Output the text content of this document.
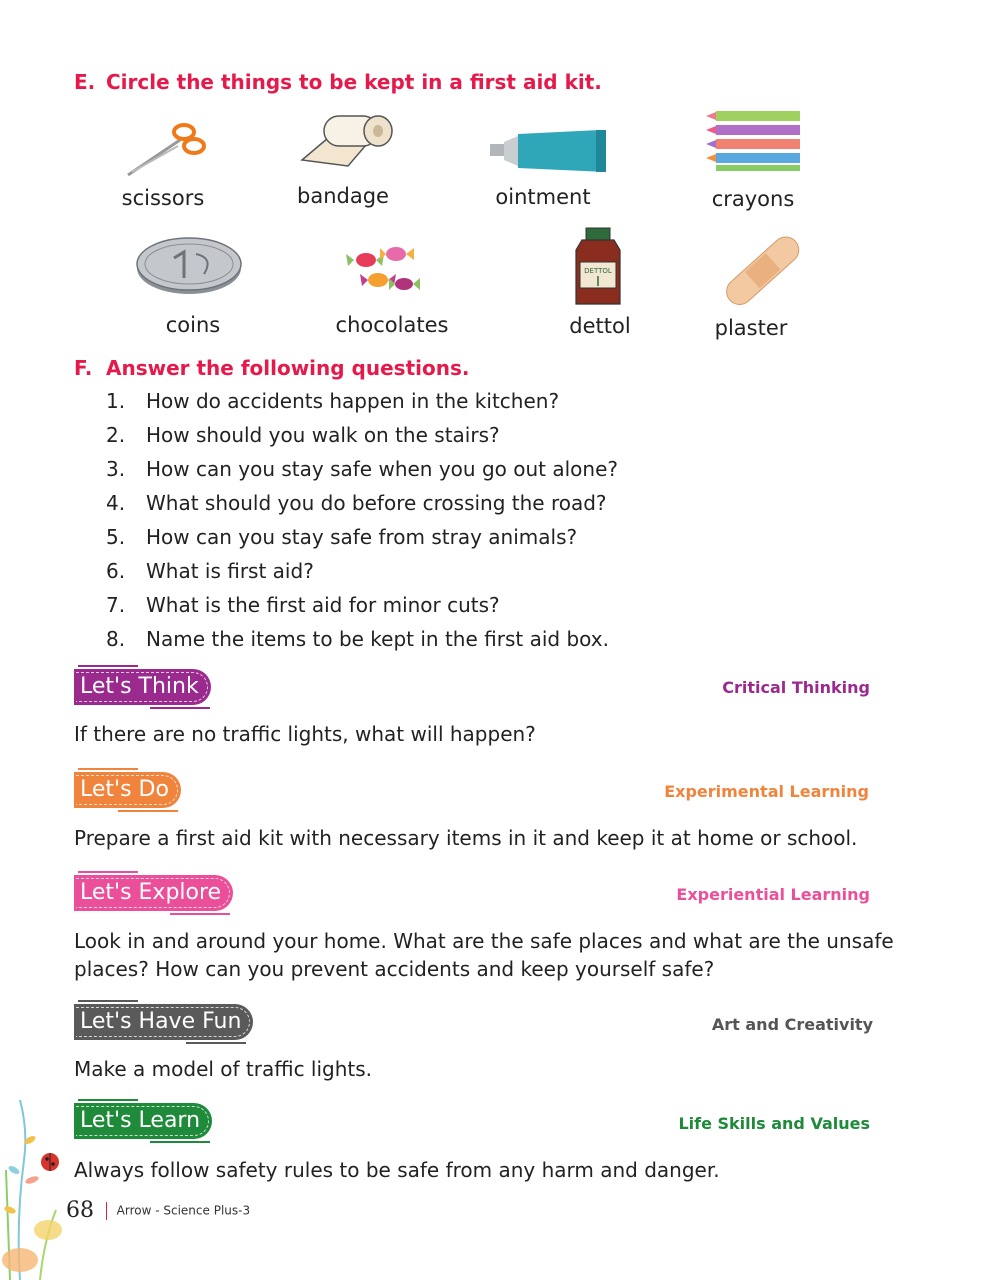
E. Circle the things to be kept in a first aid kit.
scissors	bandage	ointment	crayons
DETTOL
coins	chocolates	dettol	plaster
F. Answer the following questions.
1. How do accidents happen in the kitchen?
2. How should you walk on the stairs?
3. How can you stay safe when you go out alone?
4. What should you do before crossing the road?
5. How can you stay safe from stray animals?
6. What is first aid?
7. What is the first aid for minor cuts?
8. Name the items to be kept in the first aid box.
Let's Think	Critical Thinking
If there are no traffic lights, what will happen?
Let's Do	Experimental Learning
Prepare a first aid kit with necessary items in it and keep it at home or school.
Let's Explore	Experiential Learning
Look in and around your home. What are the safe places and what are the unsafe places? How can you prevent accidents and keep yourself safe?
Let's Have Fun	Art and Creativity
Make a model of traffic lights.
Let's Learn	Life Skills and Values
Always follow safety rules to be safe from any harm and danger.
68 Arrow - Science Plus-3
